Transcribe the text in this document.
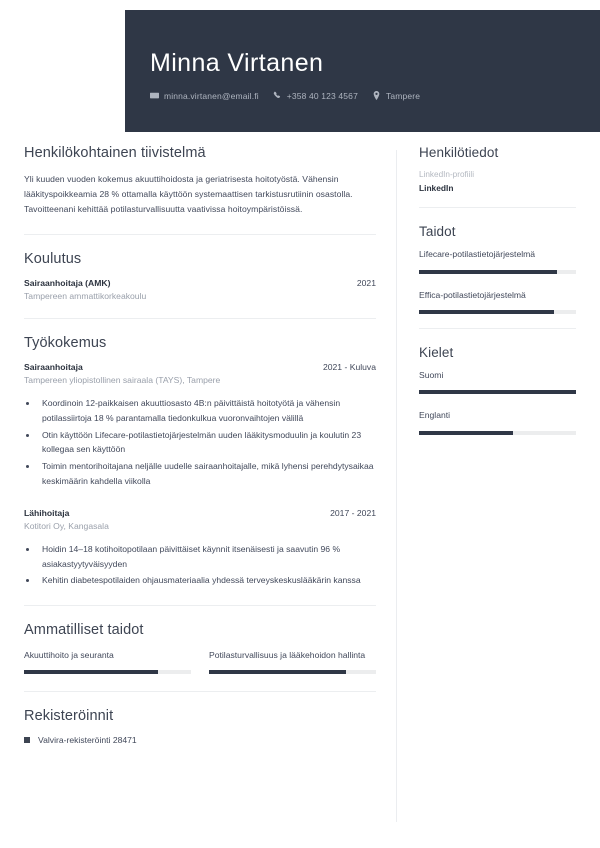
Minna Virtanen
minna.virtanen@email.fi	+358 40 123 4567	Tampere
Henkilökohtainen tiivistelmä

Yli kuuden vuoden kokemus akuuttihoidosta ja geriatrisesta hoitotyöstä. Vähensin lääkityspoikkeamia 28 % ottamalla käyttöön systemaattisen tarkistusrutiinin osastolla. Tavoitteenani kehittää potilasturvallisuutta vaativissa hoitoympäristöissä.

Koulutus
Sairaanhoitaja (AMK)	2021
Tampereen ammattikorkeakoulu
Työkokemus
Sairaanhoitaja	2021 - Kuluva
Tampereen yliopistollinen sairaala (TAYS), Tampere
• Koordinoin 12-paikkaisen akuuttiosasto 4B:n päivittäistä hoitotyötä ja vähensin potilassiirtoja 18 % parantamalla tiedonkulkua vuoronvaihtojen välillä
• Otin käyttöön Lifecare-potilastietojärjestelmän uuden lääkitysmoduulin ja koulutin 23 kollegaa sen käyttöön
• Toimin mentorihoitajana neljälle uudelle sairaanhoitajalle, mikä lyhensi perehdytysaikaa keskimäärin kahdella viikolla
Lähihoitaja	2017 - 2021
Kotitori Oy, Kangasala
• Hoidin 14–18 kotihoitopotilaan päivittäiset käynnit itsenäisesti ja saavutin 96 % asiakastyytyväisyyden
• Kehitin diabetespotilaiden ohjausmateriaalia yhdessä terveyskeskuslääkärin kanssa
Ammatilliset taidot
Akuuttihoito ja seuranta	Potilasturvallisuus ja lääkehoidon hallinta
Rekisteröinnit
Valvira-rekisteröinti 28471
Henkilötiedot
LinkedIn-profiili
LinkedIn
Taidot
Lifecare-potilastietojärjestelmä
Effica-potilastietojärjestelmä
Kielet
Suomi
Englanti
